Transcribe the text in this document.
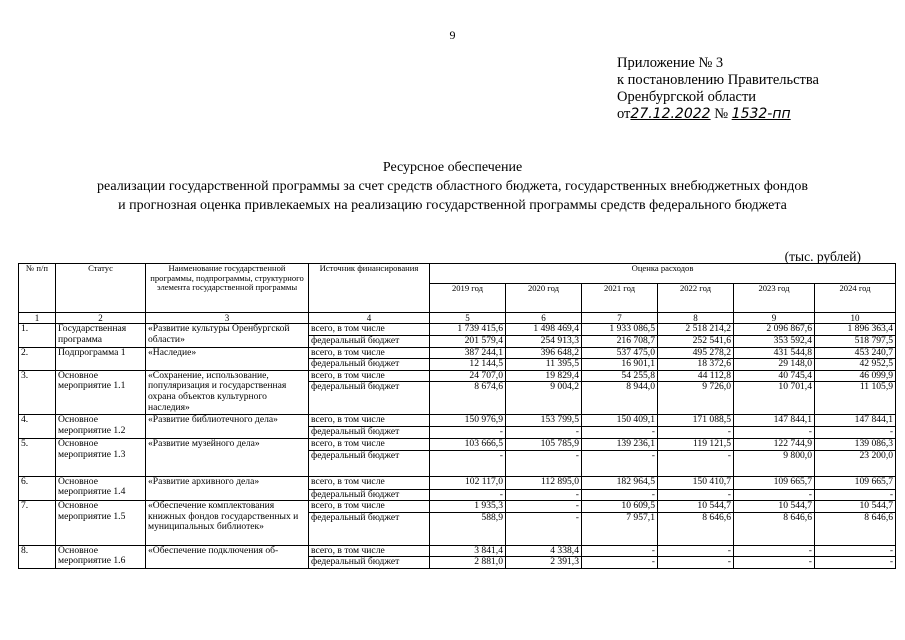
9
Приложение № 3
к постановлению Правительства
Оренбургской области
от27.12.2022 № 1532-пп
Ресурсное обеспечение
реализации государственной программы за счет средств областного бюджета, государственных внебюджетных фондов
и прогнозная оценка привлекаемых на реализацию государственной программы средств федерального бюджета
(тыс. рублей)
№ п/п	Статус	Наименование государственной программы, подпрограммы, структурного элемента государственной программы	Источник финансирования	Оценка расходов					
				2019 год	2020 год	2021 год	2022 год	2023 год	2024 год
1	2	3	4	5	6	7	8	9	10
1.	Государственная программа	«Развитие культуры Оренбургской области»	всего, в том числе	1 739 415,6	1 498 469,4	1 933 086,5	2 518 214,2	2 096 867,6	1 896 363,4
			федеральный бюджет	201 579,4	254 913,3	216 708,7	252 541,6	353 592,4	518 797,5
2.	Подпрограмма 1	«Наследие»	всего, в том числе	387 244,1	396 648,2	537 475,0	495 278,2	431 544,8	453 240,7
			федеральный бюджет	12 144,5	11 395,5	16 901,1	18 372,6	29 148,0	42 952,5
3.	Основное мероприятие 1.1	«Сохранение, использование, популяризация и государственная охрана объектов культурного наследия»	всего, в том числе	24 707,0	19 829,4	54 255,8	44 112,8	40 745,4	46 099,9
			федеральный бюджет	8 674,6	9 004,2	8 944,0	9 726,0	10 701,4	11 105,9
4.	Основное мероприятие 1.2	«Развитие библиотечного дела»	всего, в том числе	150 976,9	153 799,5	150 409,1	171 088,5	147 844,1	147 844,1
			федеральный бюджет	-	-	-	-	-	-
5.	Основное мероприятие 1.3	«Развитие музейного дела»	всего, в том числе	103 666,5	105 785,9	139 236,1	119 121,5	122 744,9	139 086,3
			федеральный бюджет	-	-	-	-	9 800,0	23 200,0
6.	Основное мероприятие 1.4	«Развитие архивного дела»	всего, в том числе	102 117,0	112 895,0	182 964,5	150 410,7	109 665,7	109 665,7
			федеральный бюджет	-	-	-	-	-	-
7.	Основное мероприятие 1.5	«Обеспечение комплектования книжных фондов государственных и муниципальных библиотек»	всего, в том числе	1 935,3	-	10 609,5	10 544,7	10 544,7	10 544,7
			федеральный бюджет	588,9	-	7 957,1	8 646,6	8 646,6	8 646,6
8.	Основное мероприятие 1.6	«Обеспечение подключения об-	всего, в том числе	3 841,4	4 338,4	-	-	-	-
			федеральный бюджет	2 881,0	2 391,3	-	-	-	-
